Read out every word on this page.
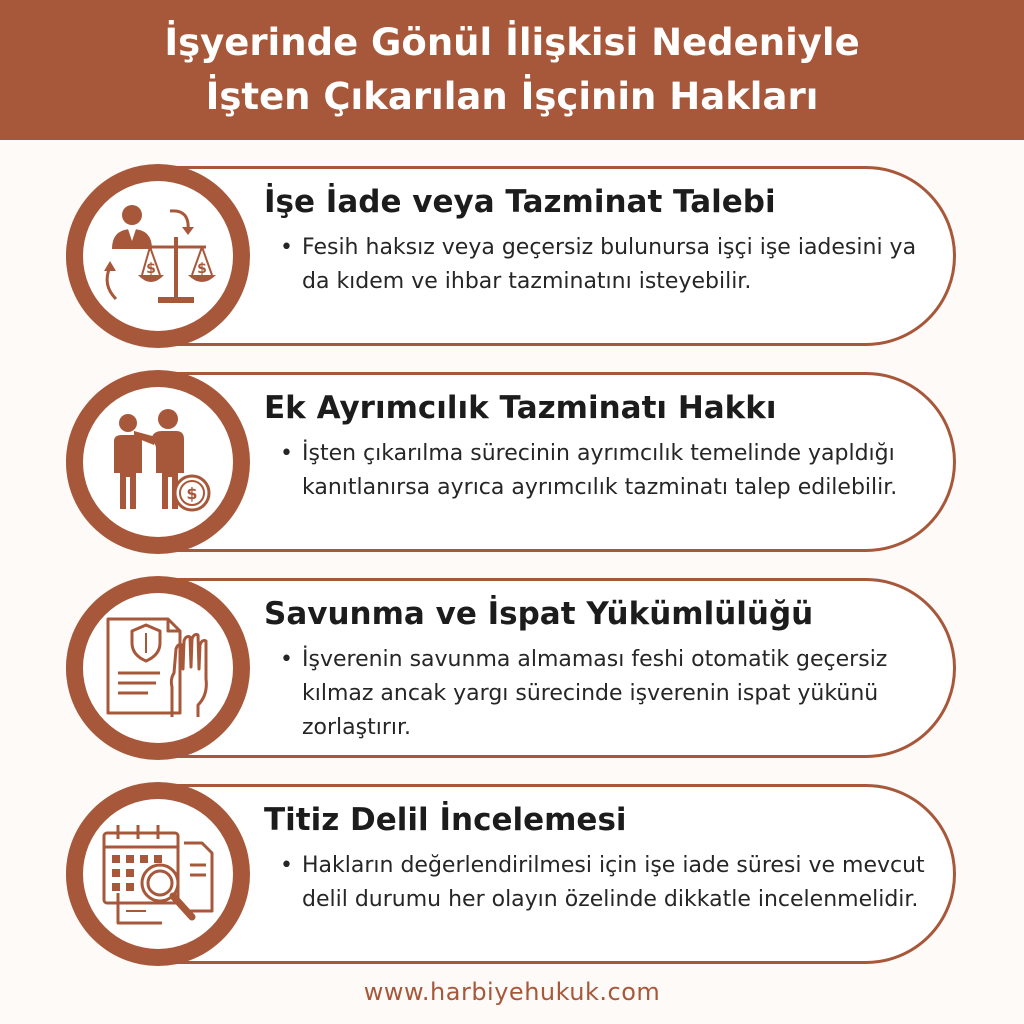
İşyerinde Gönül İlişkisi Nedeniyle
İşten Çıkarılan İşçinin Hakları
$	$
İşe İade veya Tazminat Talebi
• Fesih haksız veya geçersiz bulunursa işçi işe iadesini ya da kıdem ve ihbar tazminatını isteyebilir.
$
Ek Ayrımcılık Tazminatı Hakkı
• İşten çıkarılma sürecinin ayrımcılık temelinde yapldığı kanıtlanırsa ayrıca ayrımcılık tazminatı talep edilebilir.
Savunma ve İspat Yükümlülüğü
• İşverenin savunma almaması feshi otomatik geçersiz kılmaz ancak yargı sürecinde işverenin ispat yükünü zorlaştırır.
Titiz Delil İncelemesi
• Hakların değerlendirilmesi için işe iade süresi ve mevcut delil durumu her olayın özelinde dikkatle incelenmelidir.
www.harbiyehukuk.com
